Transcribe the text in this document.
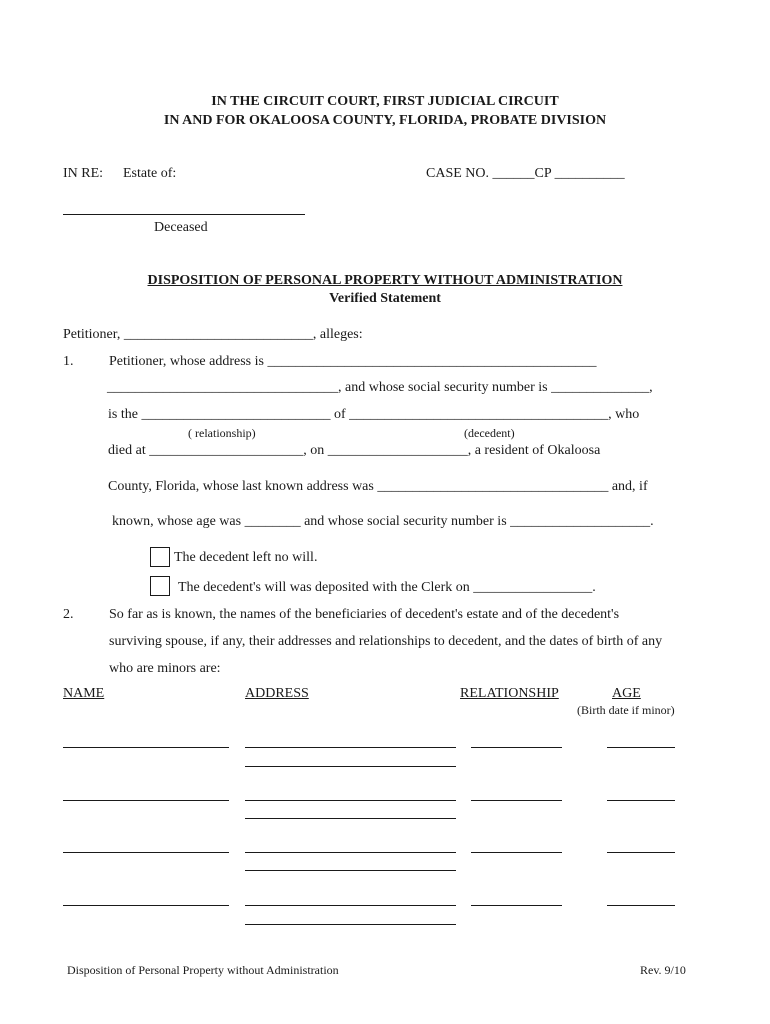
IN THE CIRCUIT COURT, FIRST JUDICIAL CIRCUIT
IN AND FOR OKALOOSA COUNTY, FLORIDA, PROBATE DIVISION
IN RE: Estate of:	CASE NO. ______CP __________
Deceased
DISPOSITION OF PERSONAL PROPERTY WITHOUT ADMINISTRATION
Verified Statement
Petitioner, ___________________________, alleges:
1.	Petitioner, whose address is _______________________________________________
_________________________________, and whose social security number is ______________,
is the ___________________________ of _____________________________________, who
( relationship)	(decedent)
died at ______________________, on ____________________, a resident of Okaloosa
County, Florida, whose last known address was _________________________________ and, if
known, whose age was ________ and whose social security number is ____________________.
The decedent left no will.
The decedent's will was deposited with the Clerk on _________________.
2.	So far as is known, the names of the beneficiaries of decedent's estate and of the decedent's
surviving spouse, if any, their addresses and relationships to decedent, and the dates of birth of any
who are minors are:
NAME	ADDRESS	RELATIONSHIP	AGE
(Birth date if minor)
Disposition of Personal Property without Administration	Rev. 9/10
